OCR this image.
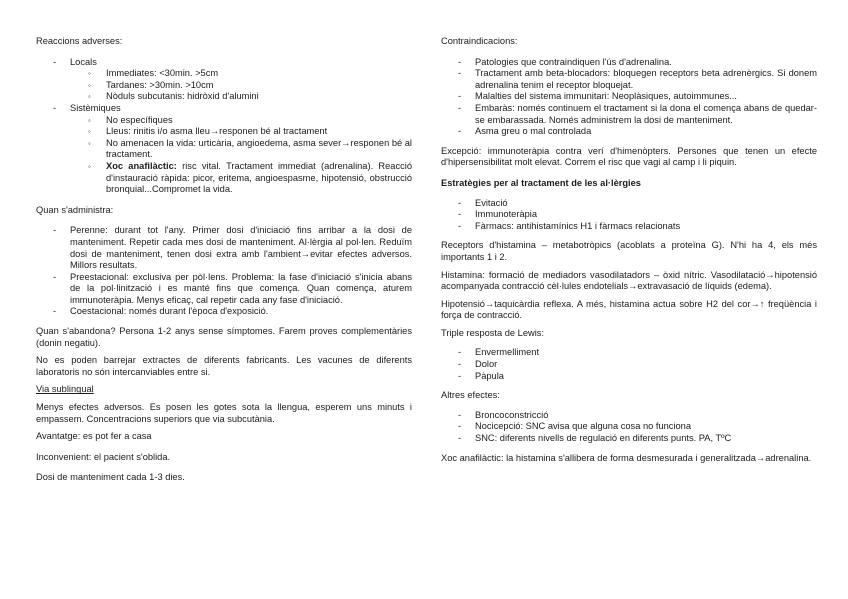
Reaccions adverses:

- Locals
◦ Immediates: <30min. >5cm
◦ Tardanes: >30min. >10cm
◦ Nòduls subcutanis: hidròxid d'alumini
- Sistèmiques
◦ No específiques
◦ Lleus: rinitis i/o asma lleu→responen bé al tractament
◦ No amenacen la vida: urticària, angioedema, asma sever→responen bé al tractament.
◦ Xoc anafilàctic: risc vital. Tractament immediat (adrenalina). Reacció d'instauració ràpida: picor, eritema, angioespasme, hipotensió, obstrucció bronquial...Compromet la vida.

Quan s'administra:

- Perenne: durant tot l'any. Primer dosi d'iniciació fins arribar a la dosi de manteniment. Repetir cada mes dosi de manteniment. Al·lèrgia al pol·len. Reduïm dosi de manteniment, tenen dosi extra amb l'ambient→evitar efectes adversos. Millors resultats.
- Preestacional: exclusiva per pòl·lens. Problema: la fase d'iniciació s'inicia abans de la pol·linització i es manté fins que comença. Quan comença, aturem immunoteràpia. Menys eficaç, cal repetir cada any fase d'iniciació.
- Coestacional: només durant l'època d'exposició.

Quan s'abandona? Persona 1-2 anys sense símptomes. Farem proves complementàries (donin negatiu).

No es poden barrejar extractes de diferents fabricants. Les vacunes de diferents laboratoris no són intercanviables entre si.

Via sublingual

Menys efectes adversos. Es posen les gotes sota la llengua, esperem uns minuts i empassem. Concentracions superiors que via subcutània.

Avantatge: es pot fer a casa

Inconvenient: el pacient s'oblida.

Dosi de manteniment cada 1-3 dies.

Contraindicacions:

- Patologies que contraindiquen l'ús d'adrenalina.
- Tractament amb beta-blocadors: bloquegen receptors beta adrenèrgics. Si donem adrenalina tenim el receptor bloquejat.
- Malalties del sistema immunitari: Neoplàsiques, autoimmunes...
- Embaràs: només continuem el tractament si la dona el comença abans de quedar-se embarassada. Només administrem la dosi de manteniment.
- Asma greu o mal controlada

Excepció: immunoteràpia contra verí d'himenòpters. Persones que tenen un efecte d'hipersensibilitat molt elevat. Correm el risc que vagi al camp i li piquin.

Estratègies per al tractament de les al·lèrgies

- Evitació
- Immunoteràpia
- Fàrmacs: antihistamínics H1 i fàrmacs relacionats

Receptors d'histamina – metabotròpics (acoblats a proteïna G). N'hi ha 4, els més importants 1 i 2.

Histamina: formació de mediadors vasodilatadors – òxid nítric. Vasodilatació→hipotensió acompanyada contracció cèl·lules endotelials→extravasació de líquids (edema).

Hipotensió→taquicàrdia reflexa. A més, histamina actua sobre H2 del cor→↑ freqüència i força de contracció.

Triple resposta de Lewis:

- Envermelliment
- Dolor
- Pàpula

Altres efectes:

- Broncoconstricció
- Nocicepció: SNC avisa que alguna cosa no funciona
- SNC: diferents nivells de regulació en diferents punts. PA, TºC

Xoc anafilàctic: la histamina s'allibera de forma desmesurada i generalitzada→adrenalina.
